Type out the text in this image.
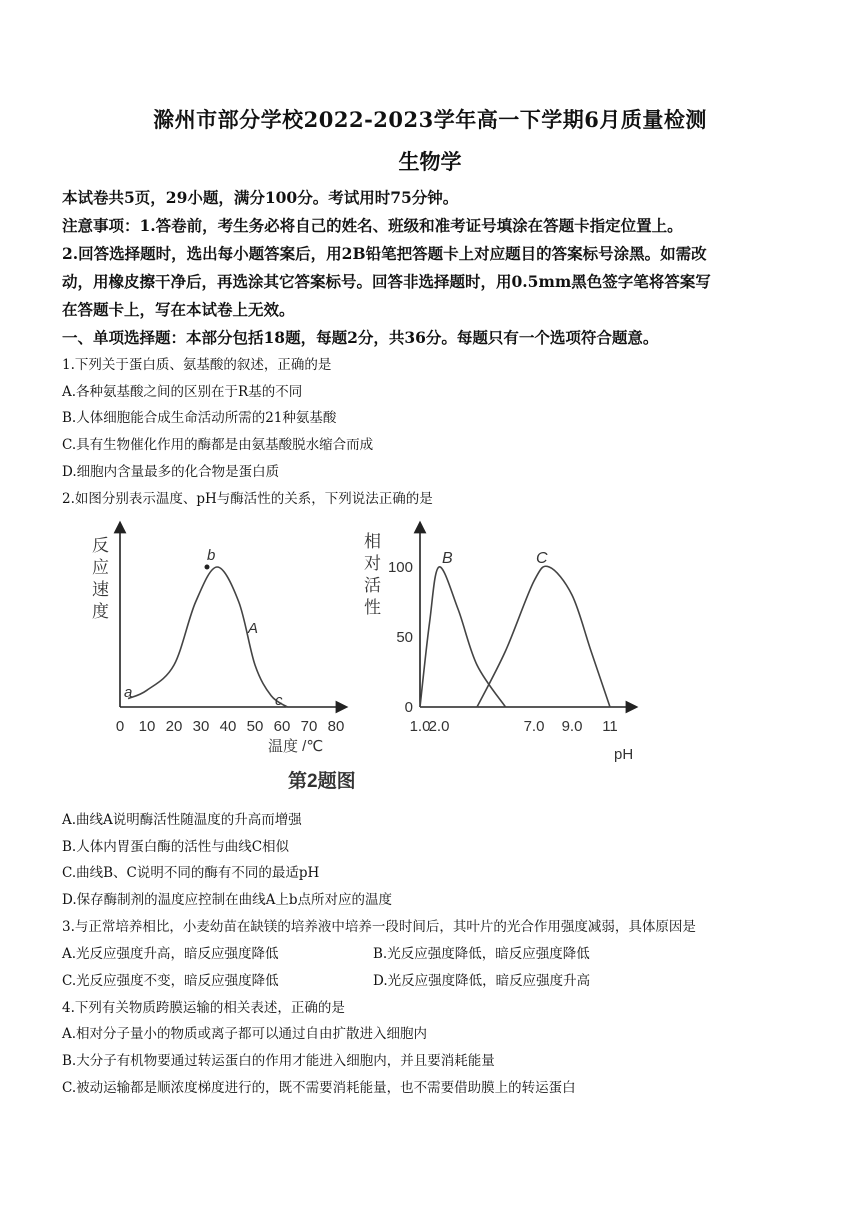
滁州市部分学校2022-2023学年高一下学期6月质量检测
生物学
本试卷共5页，29小题，满分100分。考试用时75分钟。
注意事项：1.答卷前，考生务必将自己的姓名、班级和准考证号填涂在答题卡指定位置上。
2.回答选择题时，选出每小题答案后，用2B铅笔把答题卡上对应题目的答案标号涂黑。如需改
动，用橡皮擦干净后，再选涂其它答案标号。回答非选择题时，用0.5mm黑色签字笔将答案写
在答题卡上，写在本试卷上无效。
一、单项选择题：本部分包括18题，每题2分，共36分。每题只有一个选项符合题意。
1.下列关于蛋白质、氨基酸的叙述，正确的是
A.各种氨基酸之间的区别在于R基的不同
B.人体细胞能合成生命活动所需的21种氨基酸
C.具有生物催化作用的酶都是由氨基酸脱水缩合而成
D.细胞内含量最多的化合物是蛋白质
2.如图分别表示温度、pH与酶活性的关系，下列说法正确的是
反
应
速
度
0 10 20 30 40 50 60 70 80
温度 /℃
b
a	c
A
相
对
活
性
0
50
100
1.0
2.0	7.0 9.0 11
pH
B	C
第2题图
A.曲线A说明酶活性随温度的升高而增强
B.人体内胃蛋白酶的活性与曲线C相似
C.曲线B、C说明不同的酶有不同的最适pH
D.保存酶制剂的温度应控制在曲线A上b点所对应的温度
3.与正常培养相比，小麦幼苗在缺镁的培养液中培养一段时间后，其叶片的光合作用强度减弱，具体原因是
A.光反应强度升高，暗反应强度降低	B.光反应强度降低，暗反应强度降低
C.光反应强度不变，暗反应强度降低	D.光反应强度降低，暗反应强度升高
4.下列有关物质跨膜运输的相关表述，正确的是
A.相对分子量小的物质或离子都可以通过自由扩散进入细胞内
B.大分子有机物要通过转运蛋白的作用才能进入细胞内，并且要消耗能量
C.被动运输都是顺浓度梯度进行的，既不需要消耗能量，也不需要借助膜上的转运蛋白
